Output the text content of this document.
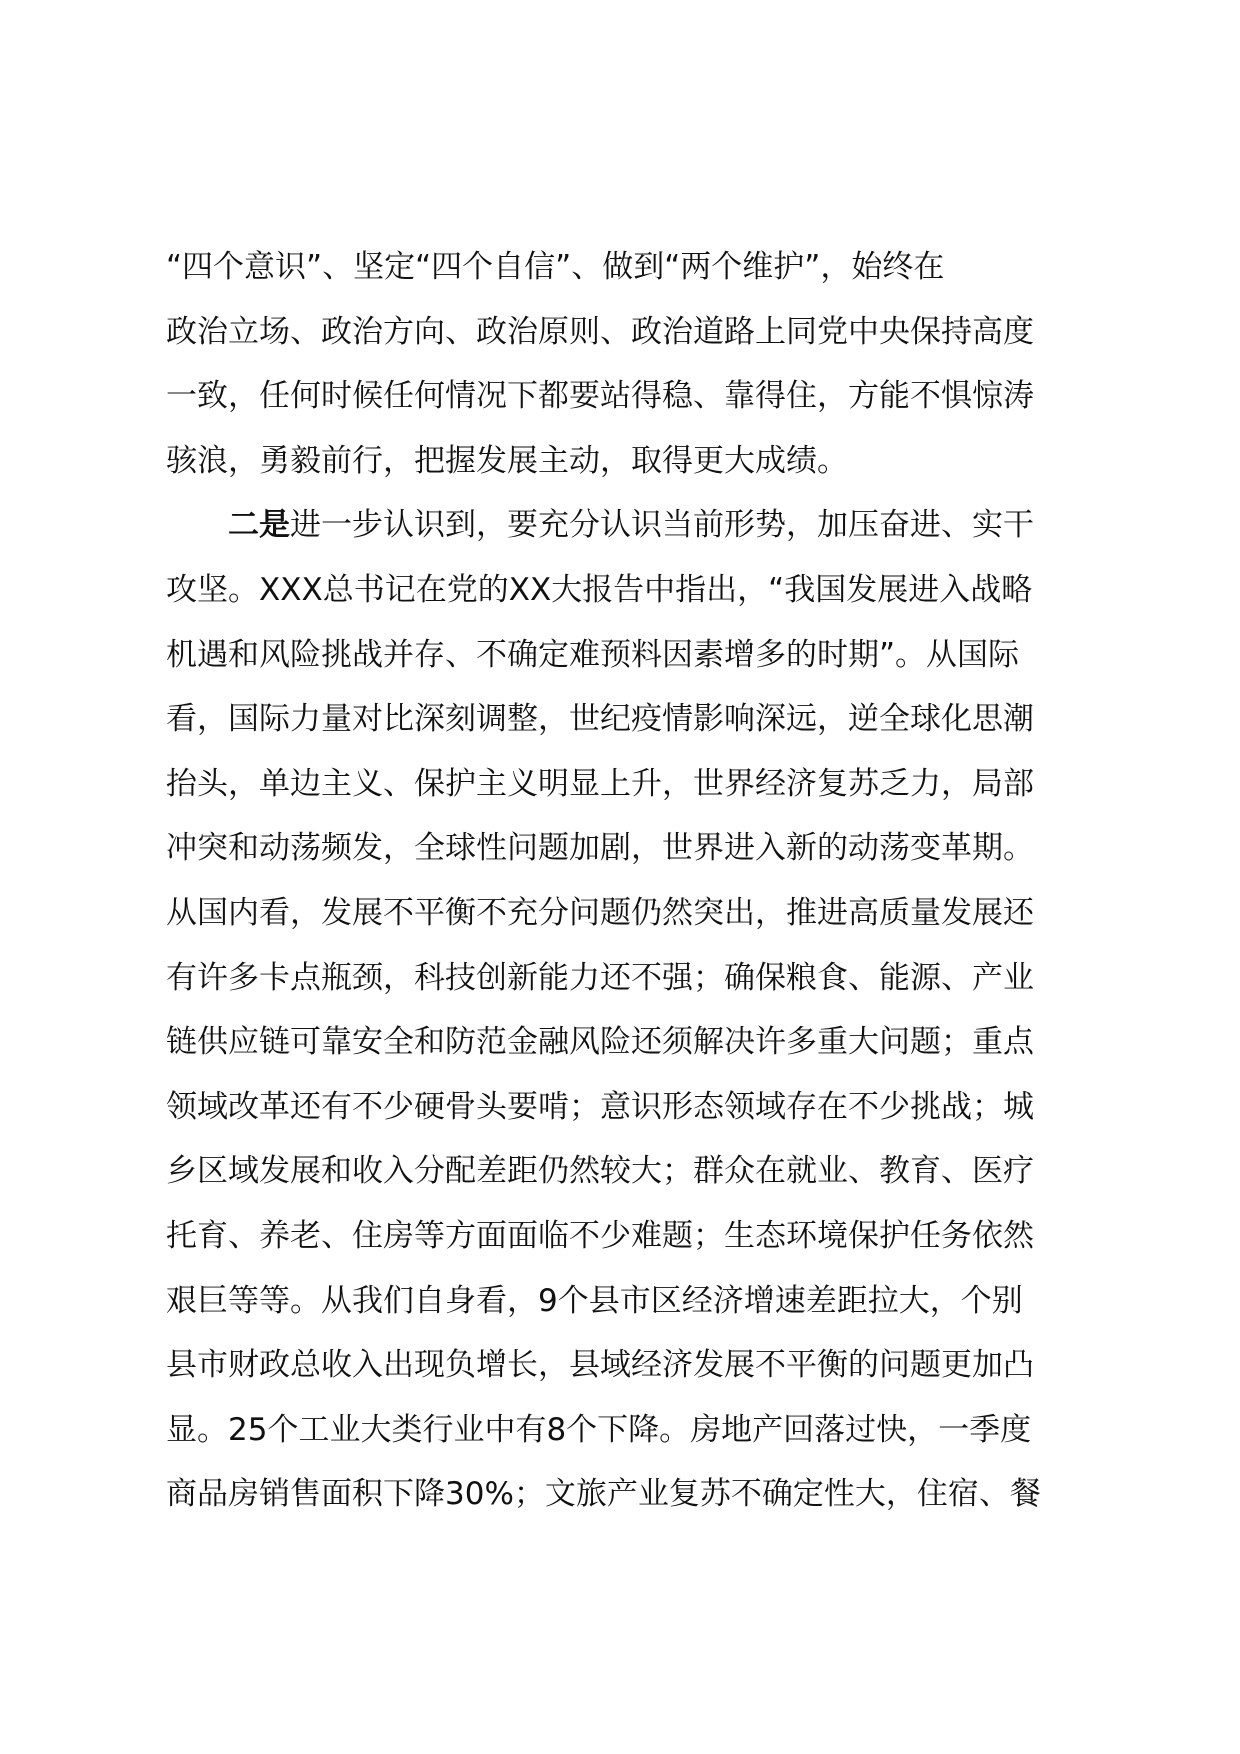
“四个意识”、坚定“四个自信”、做到“两个维护”，始终在
政治立场、政治方向、政治原则、政治道路上同党中央保持高度
一致，任何时候任何情况下都要站得稳、靠得住，方能不惧惊涛
骇浪，勇毅前行，把握发展主动，取得更大成绩。
　　二是进一步认识到，要充分认识当前形势，加压奋进、实干
攻坚。XXX总书记在党的XX大报告中指出，“我国发展进入战略
机遇和风险挑战并存、不确定难预料因素增多的时期”。从国际
看，国际力量对比深刻调整，世纪疫情影响深远，逆全球化思潮
抬头，单边主义、保护主义明显上升，世界经济复苏乏力，局部
冲突和动荡频发，全球性问题加剧，世界进入新的动荡变革期。
从国内看，发展不平衡不充分问题仍然突出，推进高质量发展还
有许多卡点瓶颈，科技创新能力还不强；确保粮食、能源、产业
链供应链可靠安全和防范金融风险还须解决许多重大问题；重点
领域改革还有不少硬骨头要啃；意识形态领域存在不少挑战；城
乡区域发展和收入分配差距仍然较大；群众在就业、教育、医疗
托育、养老、住房等方面面临不少难题；生态环境保护任务依然
艰巨等等。从我们自身看，9个县市区经济增速差距拉大，个别
县市财政总收入出现负增长，县域经济发展不平衡的问题更加凸
显。25个工业大类行业中有8个下降。房地产回落过快，一季度
商品房销售面积下降30%；文旅产业复苏不确定性大，住宿、餐
